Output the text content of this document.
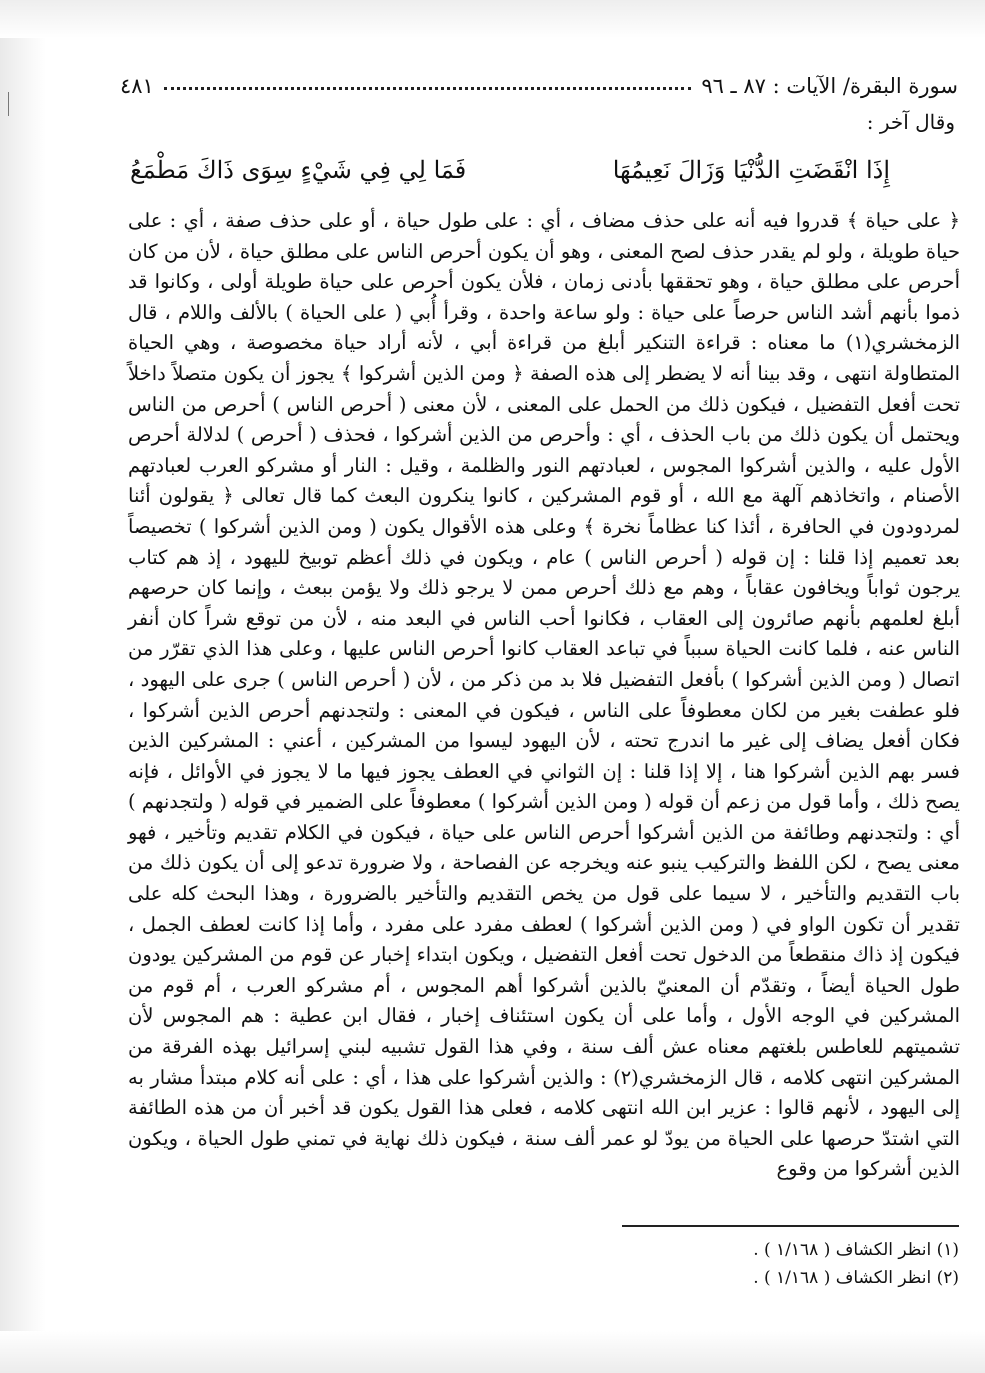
سورة البقرة/ الآيات : ٨٧ ـ ٩٦
٤٨١
وقال آخر :
إِذَا انْقَضَتِ الدُّنْيَا وَزَالَ نَعِيمُهَا
فَمَا لِي فِي شَيْءٍ سِوَى ذَاكَ مَطْمَعُ

﴿ على حياة ﴾ قدروا فيه أنه على حذف مضاف ، أي : على طول حياة ، أو على حذف صفة ، أي : على حياة طويلة ، ولو لم يقدر حذف لصح المعنى ، وهو أن يكون أحرص الناس على مطلق حياة ، لأن من كان أحرص على مطلق حياة ، وهو تحققها بأدنى زمان ، فلأن يكون أحرص على حياة طويلة أولى ، وكانوا قد ذموا بأنهم أشد الناس حرصاً على حياة : ولو ساعة واحدة ، وقرأ أُبي ( على الحياة ) بالألف واللام ، قال الزمخشري(١) ما معناه : قراءة التنكير أبلغ من قراءة أبي ، لأنه أراد حياة مخصوصة ، وهي الحياة المتطاولة انتهى ، وقد بينا أنه لا يضطر إلى هذه الصفة ﴿ ومن الذين أشركوا ﴾ يجوز أن يكون متصلاً داخلاً تحت أفعل التفضيل ، فيكون ذلك من الحمل على المعنى ، لأن معنى ( أحرص الناس ) أحرص من الناس ويحتمل أن يكون ذلك من باب الحذف ، أي : وأحرص من الذين أشركوا ، فحذف ( أحرص ) لدلالة أحرص الأول عليه ، والذين أشركوا المجوس ، لعبادتهم النور والظلمة ، وقيل : النار أو مشركو العرب لعبادتهم الأصنام ، واتخاذهم آلهة مع الله ، أو قوم المشركين ، كانوا ينكرون البعث كما قال تعالى ﴿ يقولون أئنا لمردودون في الحافرة ، أئذا كنا عظاماً نخرة ﴾ وعلى هذه الأقوال يكون ( ومن الذين أشركوا ) تخصيصاً بعد تعميم إذا قلنا : إن قوله ( أحرص الناس ) عام ، ويكون في ذلك أعظم توبيخ لليهود ، إذ هم كتاب يرجون ثواباً ويخافون عقاباً ، وهم مع ذلك أحرص ممن لا يرجو ذلك ولا يؤمن ببعث ، وإنما كان حرصهم أبلغ لعلمهم بأنهم صائرون إلى العقاب ، فكانوا أحب الناس في البعد منه ، لأن من توقع شراً كان أنفر الناس عنه ، فلما كانت الحياة سبباً في تباعد العقاب كانوا أحرص الناس عليها ، وعلى هذا الذي تقرّر من اتصال ( ومن الذين أشركوا ) بأفعل التفضيل فلا بد من ذكر من ، لأن ( أحرص الناس ) جرى على اليهود ، فلو عطفت بغير من لكان معطوفاً على الناس ، فيكون في المعنى : ولتجدنهم أحرص الذين أشركوا ، فكان أفعل يضاف إلى غير ما اندرج تحته ، لأن اليهود ليسوا من المشركين ، أعني : المشركين الذين فسر بهم الذين أشركوا هنا ، إلا إذا قلنا : إن الثواني في العطف يجوز فيها ما لا يجوز في الأوائل ، فإنه يصح ذلك ، وأما قول من زعم أن قوله ( ومن الذين أشركوا ) معطوفاً على الضمير في قوله ( ولتجدنهم ) أي : ولتجدنهم وطائفة من الذين أشركوا أحرص الناس على حياة ، فيكون في الكلام تقديم وتأخير ، فهو معنى يصح ، لكن اللفظ والتركيب ينبو عنه ويخرجه عن الفصاحة ، ولا ضرورة تدعو إلى أن يكون ذلك من باب التقديم والتأخير ، لا سيما على قول من يخص التقديم والتأخير بالضرورة ، وهذا البحث كله على تقدير أن تكون الواو في ( ومن الذين أشركوا ) لعطف مفرد على مفرد ، وأما إذا كانت لعطف الجمل ، فيكون إذ ذاك منقطعاً من الدخول تحت أفعل التفضيل ، ويكون ابتداء إخبار عن قوم من المشركين يودون طول الحياة أيضاً ، وتقدّم أن المعنيّ بالذين أشركوا أهم المجوس ، أم مشركو العرب ، أم قوم من المشركين في الوجه الأول ، وأما على أن يكون استئناف إخبار ، فقال ابن عطية : هم المجوس لأن تشميتهم للعاطس بلغتهم معناه عش ألف سنة ، وفي هذا القول تشبيه لبني إسرائيل بهذه الفرقة من المشركين انتهى كلامه ، قال الزمخشري(٢) : والذين أشركوا على هذا ، أي : على أنه كلام مبتدأ مشار به إلى اليهود ، لأنهم قالوا : عزير ابن الله انتهى كلامه ، فعلى هذا القول يكون قد أخبر أن من هذه الطائفة التي اشتدّ حرصها على الحياة من يودّ لو عمر ألف سنة ، فيكون ذلك نهاية في تمني طول الحياة ، ويكون الذين أشركوا من وقوع

(١) انظر الكشاف ( ١/١٦٨ ) .
(٢) انظر الكشاف ( ١/١٦٨ ) .
